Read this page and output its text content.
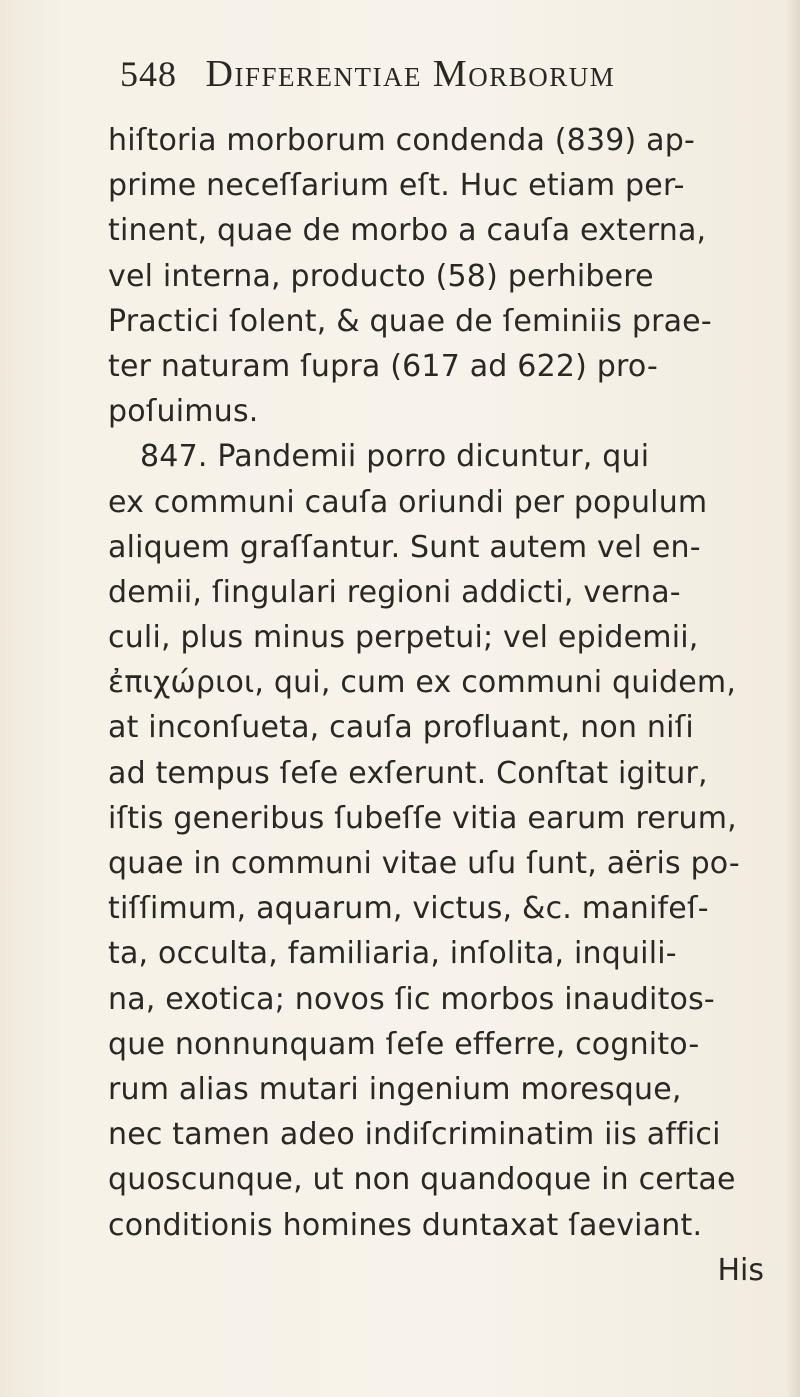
548 Differentiae Morborum
hiſtoria morborum condenda (839) ap-
prime neceſſarium eſt. Huc etiam per-
tinent, quae de morbo a cauſa externa,
vel interna, producto (58) perhibere
Practici ſolent, & quae de ſeminiis prae-
ter naturam ſupra (617 ad 622) pro-
poſuimus.
847. Pandemii porro dicuntur, qui
ex communi cauſa oriundi per populum
aliquem graſſantur. Sunt autem vel en-
demii, ſingulari regioni addicti, verna-
culi, plus minus perpetui; vel epidemii,
ἐπιχώριοι, qui, cum ex communi quidem,
at inconſueta, cauſa profluant, non niſi
ad tempus ſeſe exſerunt. Conſtat igitur,
iſtis generibus ſubeſſe vitia earum rerum,
quae in communi vitae uſu ſunt, aëris po-
tiſſimum, aquarum, victus, &c. manifeſ-
ta, occulta, familiaria, inſolita, inquili-
na, exotica; novos ſic morbos inauditos-
que nonnunquam ſeſe efferre, cognito-
rum alias mutari ingenium moresque,
nec tamen adeo indiſcriminatim iis affici
quoscunque, ut non quandoque in certae
conditionis homines duntaxat ſaeviant.
His
